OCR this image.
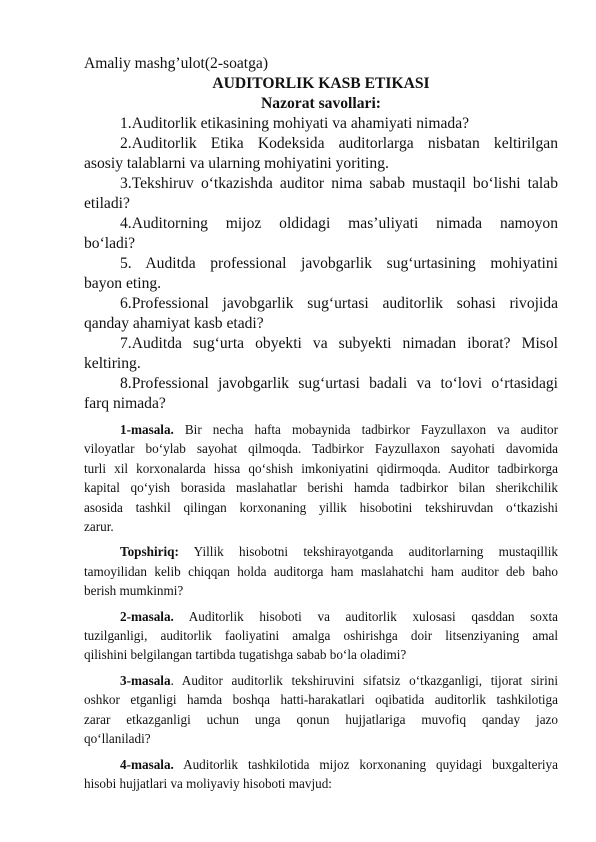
Amaliy mashg’ulot(2-soatga)
AUDITORLIK KASB ETIKASI
Nazorat savollari:
1.Auditorlik etikasining mohiyati va ahamiyati nimada?
2.Auditorlik Etika Kodeksida auditorlarga nisbatan keltirilgan
asosiy talablarni va ularning mohiyatini yoriting.
3.Tekshiruv o‘tkazishda auditor nima sabab mustaqil bo‘lishi talab
etiladi?
4.Auditorning mijoz oldidagi mas’uliyati nimada namoyon
bo‘ladi?
5. Auditda professional javobgarlik sug‘urtasining mohiyatini
bayon eting.
6.Professional javobgarlik sug‘urtasi auditorlik sohasi rivojida
qanday ahamiyat kasb etadi?
7.Auditda sug‘urta obyekti va subyekti nimadan iborat? Misol
keltiring.
8.Professional javobgarlik sug‘urtasi badali va to‘lovi o‘rtasidagi
farq nimada?
1-masala. Bir necha hafta mobaynida tadbirkor Fayzullaxon va auditor
viloyatlar bo‘ylab sayohat qilmoqda. Tadbirkor Fayzullaxon sayohati davomida
turli xil korxonalarda hissa qo‘shish imkoniyatini qidirmoqda. Auditor tadbirkorga
kapital qo‘yish borasida maslahatlar berishi hamda tadbirkor bilan sherikchilik
asosida tashkil qilingan korxonaning yillik hisobotini tekshiruvdan o‘tkazishi
zarur.
Topshiriq: Yillik hisobotni tekshirayotganda auditorlarning mustaqillik
tamoyilidan kelib chiqqan holda auditorga ham maslahatchi ham auditor deb baho
berish mumkinmi?
2-masala. Auditorlik hisoboti va auditorlik xulosasi qasddan soxta
tuzilganligi, auditorlik faoliyatini amalga oshirishga doir litsenziyaning amal
qilishini belgilangan tartibda tugatishga sabab bo‘la oladimi?
3-masala. Auditor auditorlik tekshiruvini sifatsiz o‘tkazganligi, tijorat sirini
oshkor etganligi hamda boshqa hatti-harakatlari oqibatida auditorlik tashkilotiga
zarar etkazganligi uchun unga qonun hujjatlariga muvofiq qanday jazo
qo‘llaniladi?
4-masala. Auditorlik tashkilotida mijoz korxonaning quyidagi buxgalteriya
hisobi hujjatlari va moliyaviy hisoboti mavjud:
